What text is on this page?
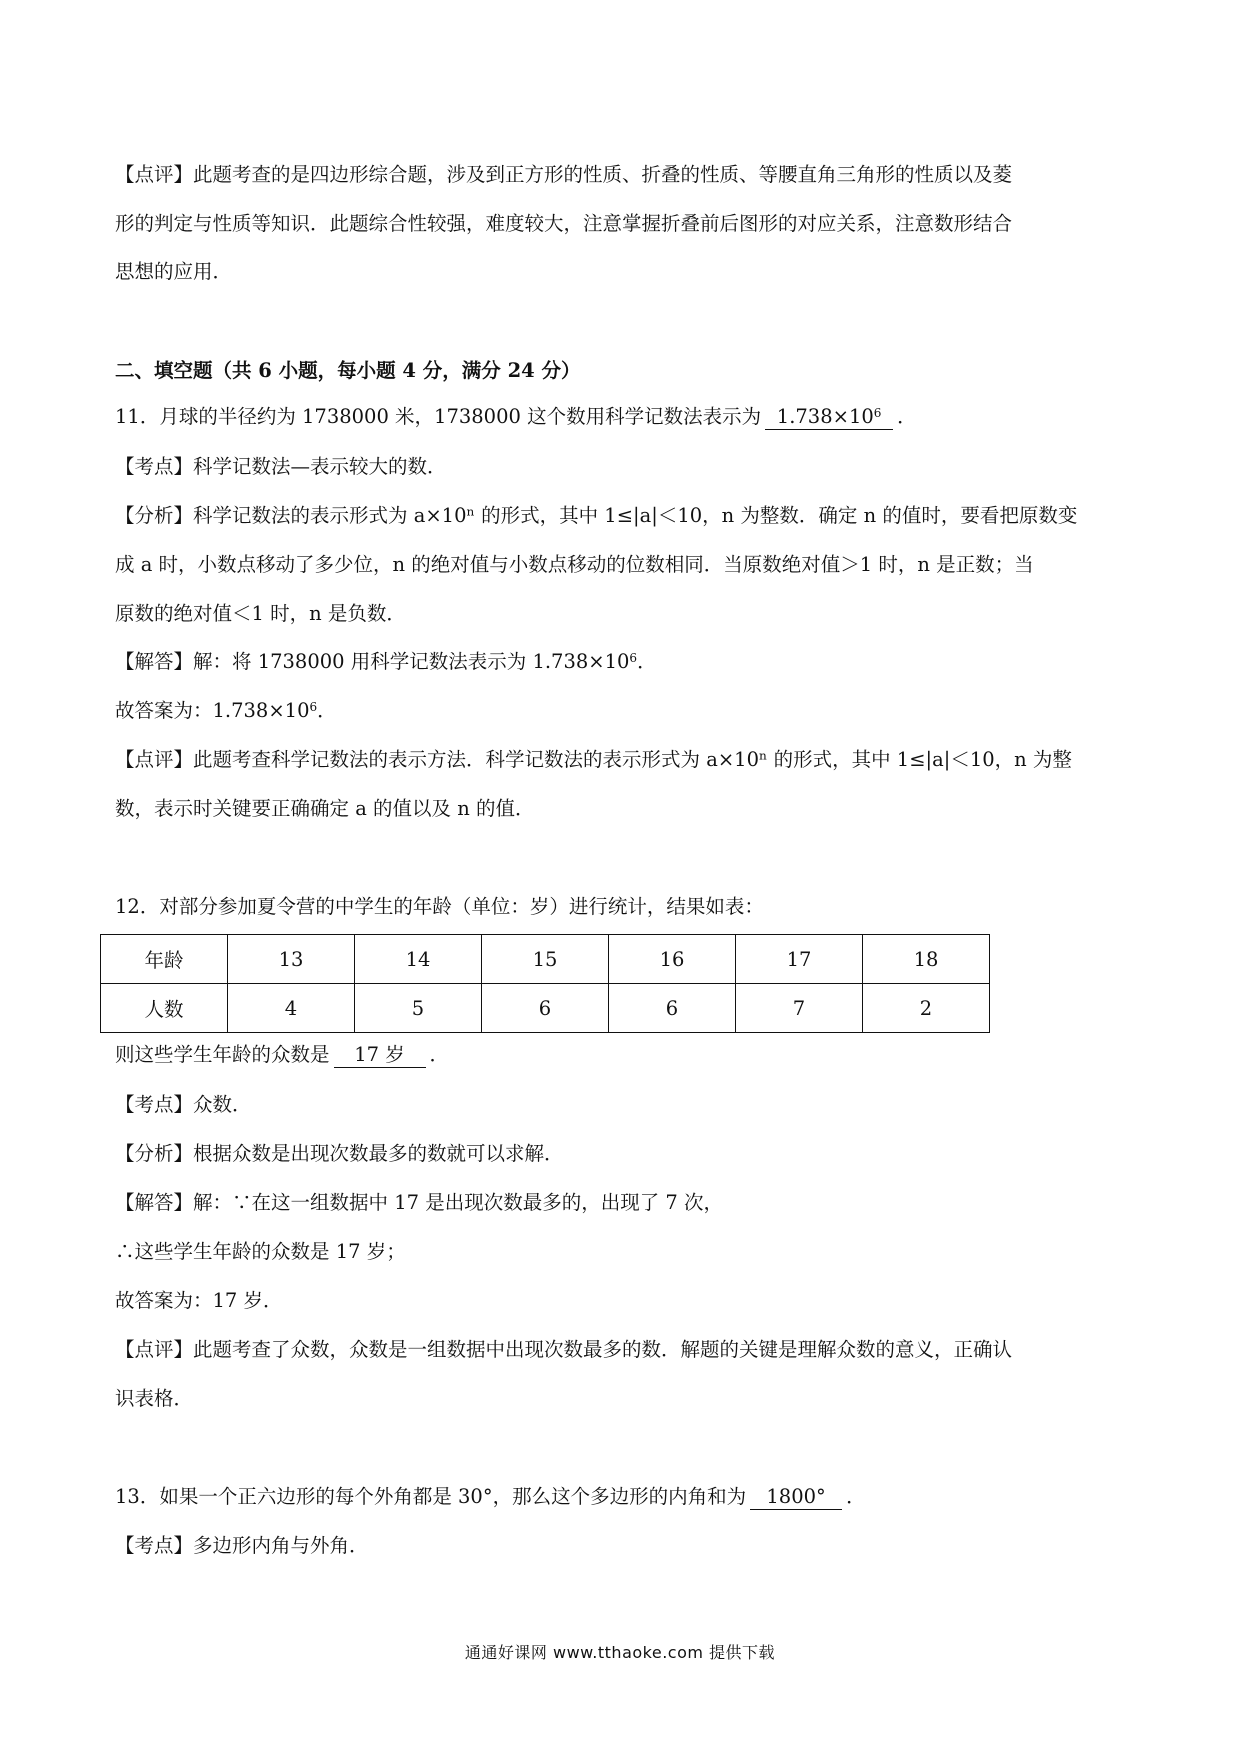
【点评】此题考查的是四边形综合题，涉及到正方形的性质、折叠的性质、等腰直角三角形的性质以及菱
形的判定与性质等知识．此题综合性较强，难度较大，注意掌握折叠前后图形的对应关系，注意数形结合
思想的应用．
二、填空题（共 6 小题，每小题 4 分，满分 24 分）
11．月球的半径约为 1738000 米，1738000 这个数用科学记数法表示为 $1.738\times 10^6$ ．
【考点】科学记数法—表示较大的数．
【分析】科学记数法的表示形式为 a×10ⁿ 的形式，其中 1≤|a|＜10，n 为整数．确定 n 的值时，要看把原数变
成 a 时，小数点移动了多少位，n 的绝对值与小数点移动的位数相同．当原数绝对值＞1 时，n 是正数；当
原数的绝对值＜1 时，n 是负数．
【解答】解：将 1738000 用科学记数法表示为 $1.738\times 10^6$．
故答案为：$1.738\times 10^6$．
【点评】此题考查科学记数法的表示方法．科学记数法的表示形式为 a×10ⁿ 的形式，其中 1≤|a|＜10，n 为整
数，表示时关键要正确确定 a 的值以及 n 的值．
12．对部分参加夏令营的中学生的年龄（单位：岁）进行统计，结果如表：
年龄	13	14	15	16	17	18
人数	4	5	6	6	7	2
则这些学生年龄的众数是 17 岁 ．
【考点】众数．
【分析】根据众数是出现次数最多的数就可以求解．
【解答】解：∵在这一组数据中 17 是出现次数最多的，出现了 7 次，
∴这些学生年龄的众数是 17 岁；
故答案为：17 岁．
【点评】此题考查了众数，众数是一组数据中出现次数最多的数．解题的关键是理解众数的意义，正确认
识表格．
13．如果一个正六边形的每个外角都是 30°，那么这个多边形的内角和为 1800° ．
【考点】多边形内角与外角．
通通好课网 www.tthaoke.com 提供下载
